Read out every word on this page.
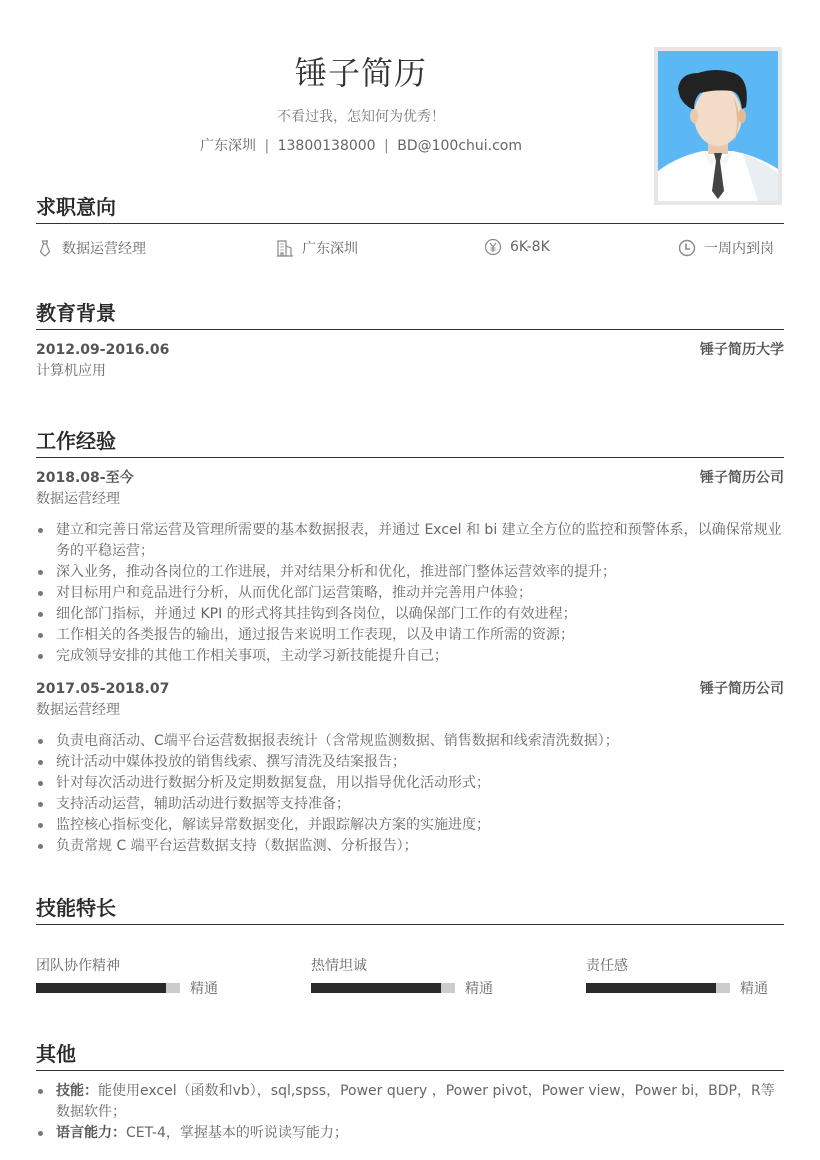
锤子简历
不看过我，怎知何为优秀！
广东深圳 | 13800138000 | BD@100chui.com
求职意向
数据运营经理	广东深圳	6K-8K	一周内到岗
教育背景
2012.09-2016.06	锤子简历大学
计算机应用
工作经验
2018.08-至今	锤子简历公司
数据运营经理
建立和完善日常运营及管理所需要的基本数据报表，并通过 Excel 和 bi 建立全方位的监控和预警体系，以确保常规业务的平稳运营；
深入业务，推动各岗位的工作进展，并对结果分析和优化，推进部门整体运营效率的提升；
对目标用户和竞品进行分析，从而优化部门运营策略，推动并完善用户体验；
细化部门指标，并通过 KPI 的形式将其挂钩到各岗位，以确保部门工作的有效进程；
工作相关的各类报告的输出，通过报告来说明工作表现，以及申请工作所需的资源；
完成领导安排的其他工作相关事项，主动学习新技能提升自己；
2017.05-2018.07	锤子简历公司
数据运营经理
负责电商活动、C端平台运营数据报表统计（含常规监测数据、销售数据和线索清洗数据）；
统计活动中媒体投放的销售线索、撰写清洗及结案报告；
针对每次活动进行数据分析及定期数据复盘，用以指导优化活动形式；
支持活动运营，辅助活动进行数据等支持准备；
监控核心指标变化，解读异常数据变化，并跟踪解决方案的实施进度；
负责常规 C 端平台运营数据支持（数据监测、分析报告）；
技能特长
团队协作精神
精通
热情坦诚
精通
责任感
精通
其他
技能：能使用excel（函数和vb），sql,spss，Power query ，Power pivot，Power view，Power bi，BDP，R等数据软件；
语言能力：CET-4，掌握基本的听说读写能力；
